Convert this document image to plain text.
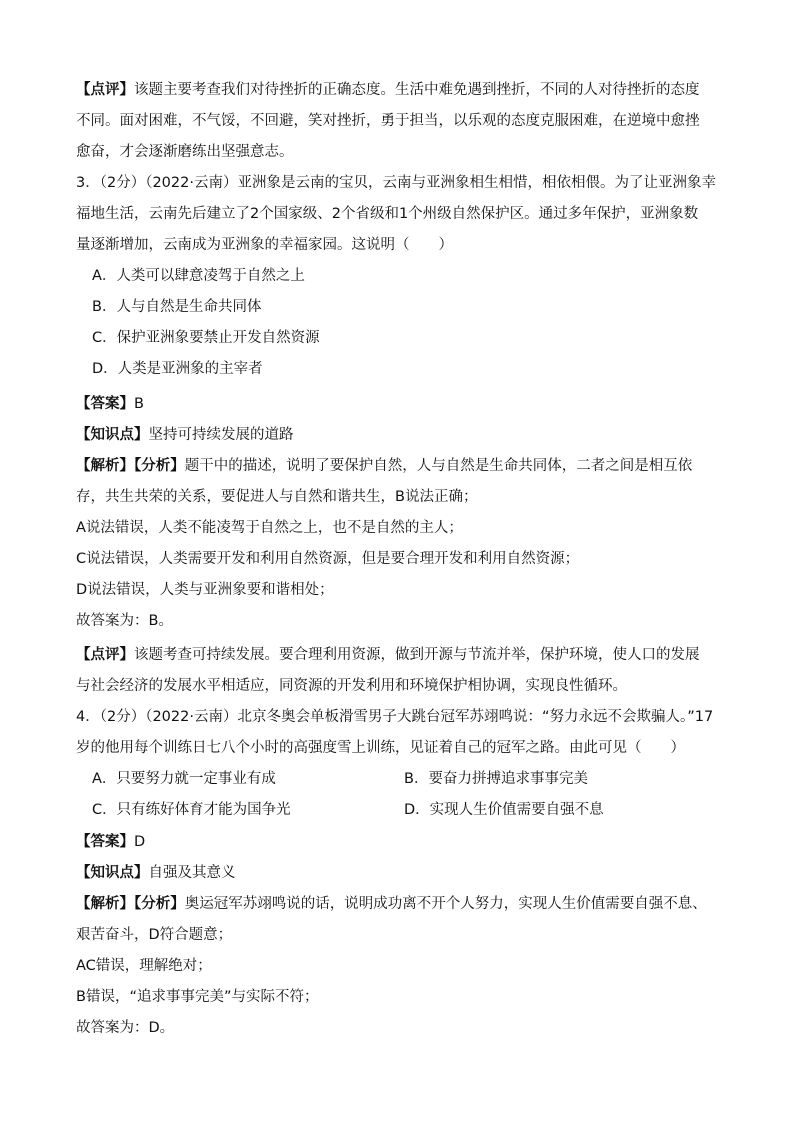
【点评】该题主要考查我们对待挫折的正确态度。生活中难免遇到挫折，不同的人对待挫折的态度
不同。面对困难，不气馁，不回避，笑对挫折，勇于担当，以乐观的态度克服困难，在逆境中愈挫
愈奋，才会逐渐磨练出坚强意志。
3．（2分）（2022·云南）亚洲象是云南的宝贝，云南与亚洲象相生相惜，相依相偎。为了让亚洲象幸
福地生活，云南先后建立了2个国家级、2个省级和1个州级自然保护区。通过多年保护，亚洲象数
量逐渐增加，云南成为亚洲象的幸福家园。这说明（　　）
A．人类可以肆意凌驾于自然之上
B．人与自然是生命共同体
C．保护亚洲象要禁止开发自然资源
D．人类是亚洲象的主宰者
【答案】B
【知识点】坚持可持续发展的道路
【解析】【分析】题干中的描述，说明了要保护自然，人与自然是生命共同体，二者之间是相互依
存，共生共荣的关系，要促进人与自然和谐共生，B说法正确；
A说法错误，人类不能凌驾于自然之上，也不是自然的主人；
C说法错误，人类需要开发和利用自然资源，但是要合理开发和利用自然资源；
D说法错误，人类与亚洲象要和谐相处；
故答案为：B。
【点评】该题考查可持续发展。要合理利用资源，做到开源与节流并举，保护环境，使人口的发展
与社会经济的发展水平相适应，同资源的开发利用和环境保护相协调，实现良性循环。
4．（2分）（2022·云南）北京冬奥会单板滑雪男子大跳台冠军苏翊鸣说：“努力永远不会欺骗人。”17
岁的他用每个训练日七八个小时的高强度雪上训练，见证着自己的冠军之路。由此可见（　　）
A．只要努力就一定事业有成	B．要奋力拼搏追求事事完美
C．只有练好体育才能为国争光	D．实现人生价值需要自强不息
【答案】D
【知识点】自强及其意义
【解析】【分析】奥运冠军苏翊鸣说的话，说明成功离不开个人努力，实现人生价值需要自强不息、
艰苦奋斗，D符合题意；
AC错误，理解绝对；
B错误，“追求事事完美”与实际不符；
故答案为：D。
